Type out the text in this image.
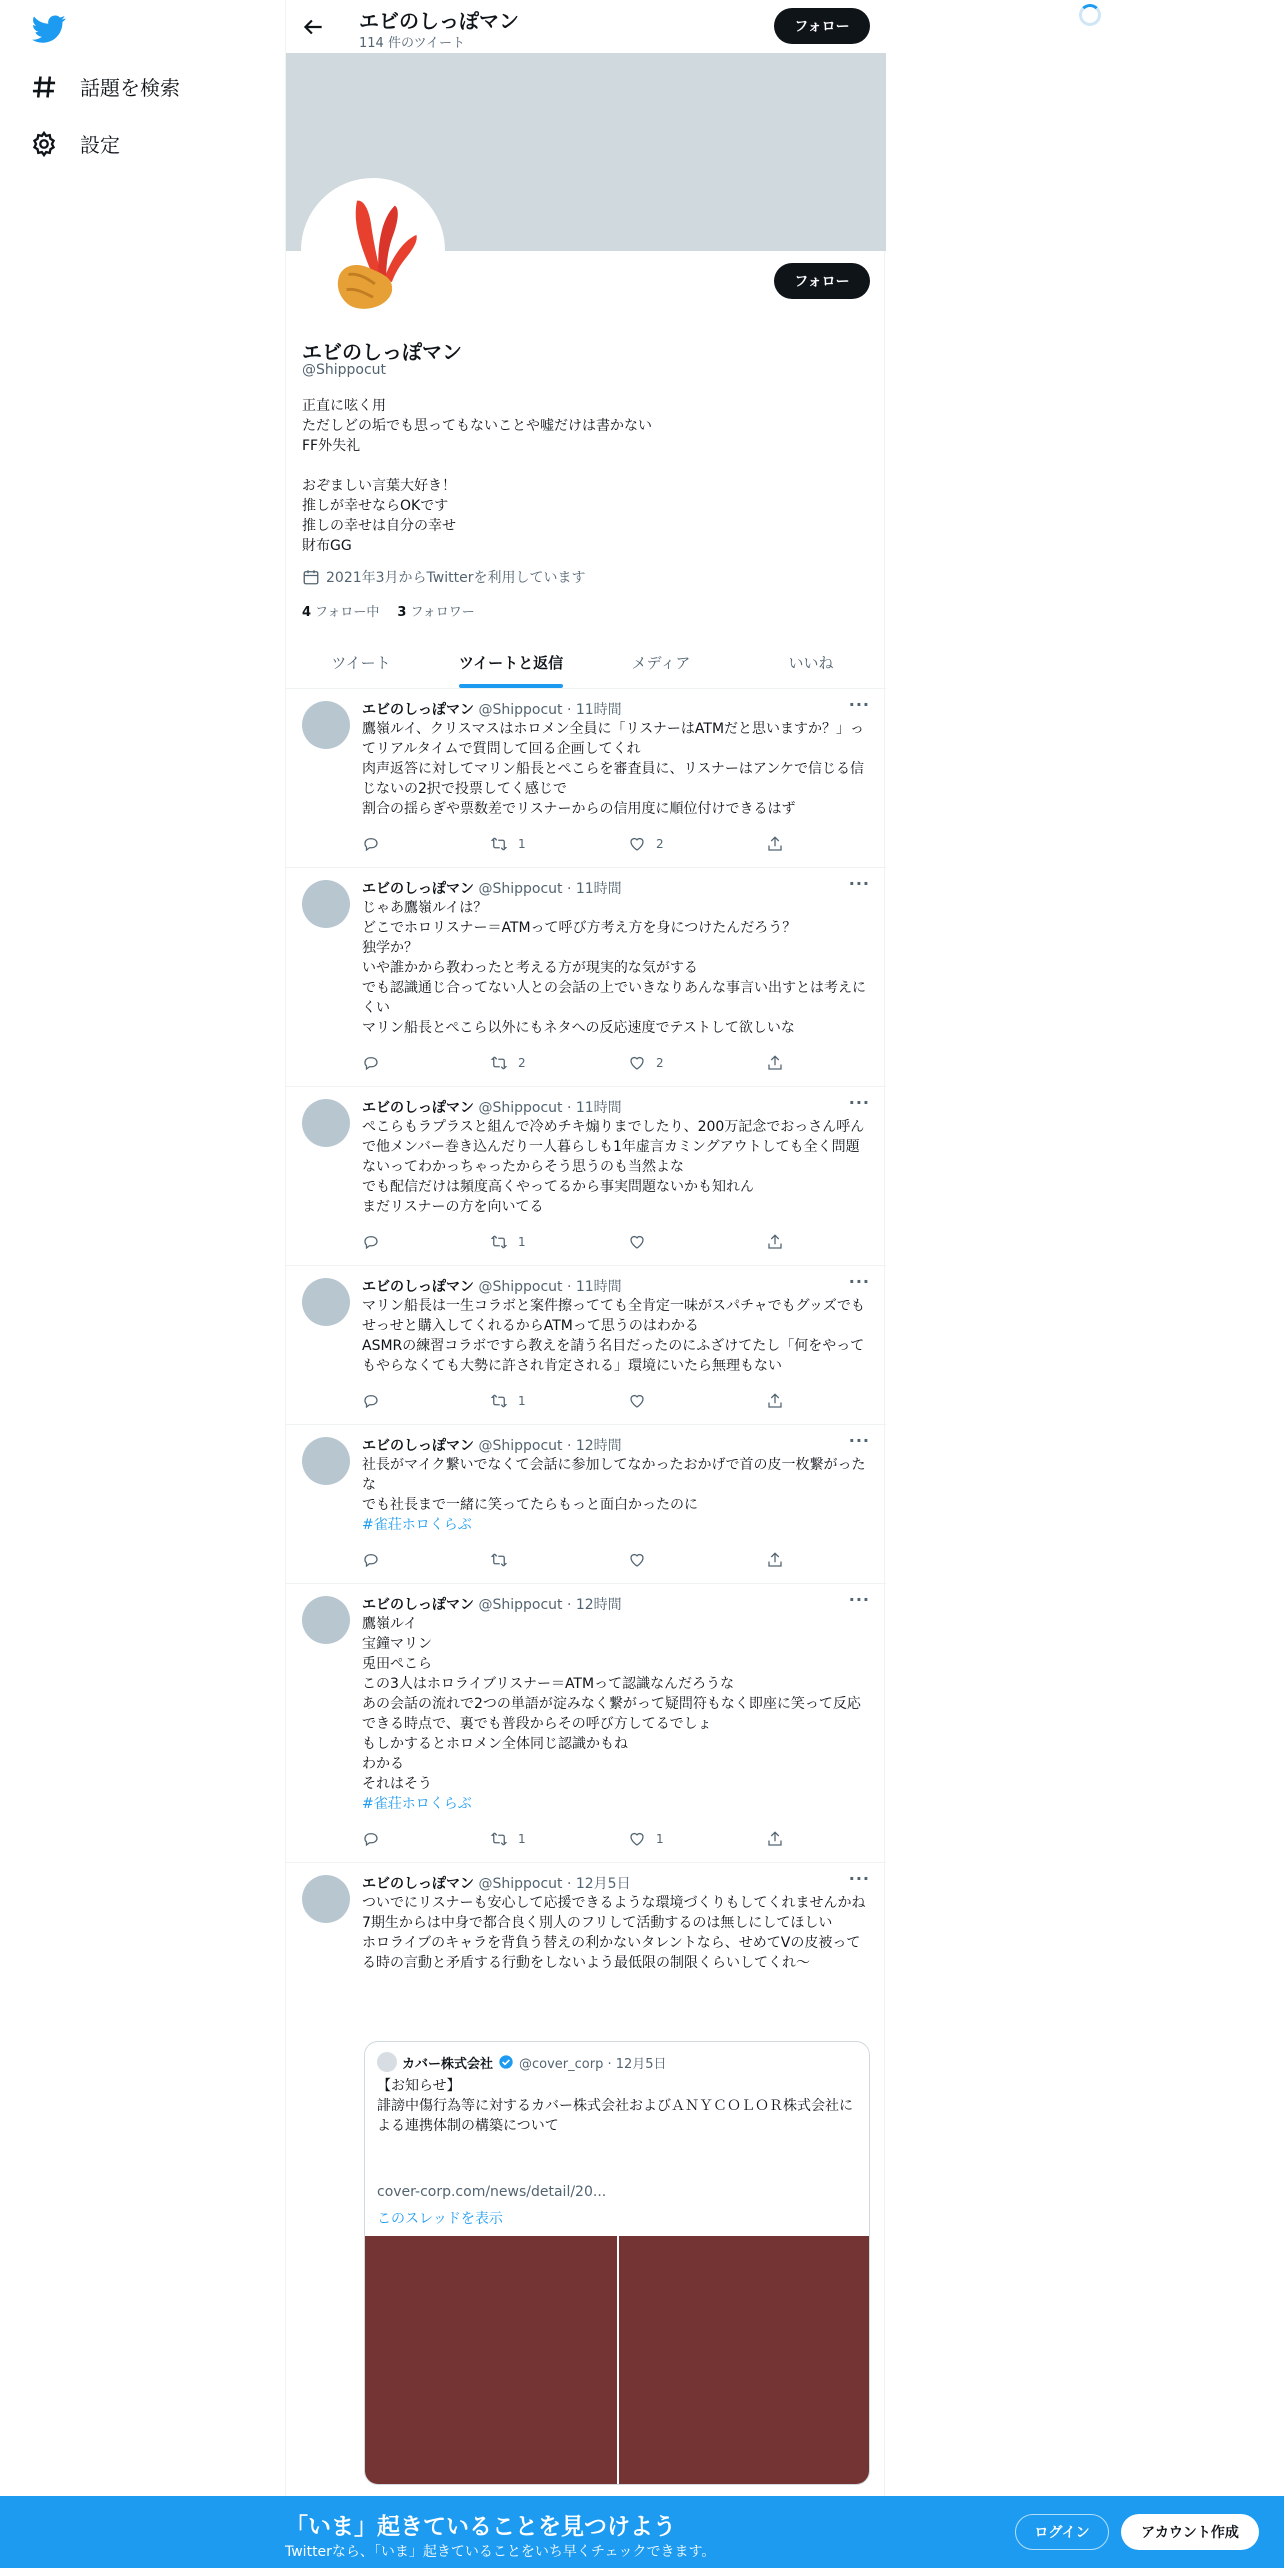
話題を検索
設定
エビのしっぽマン
114 件のツイート
フォロー
フォロー
エビのしっぽマン
@Shippocut
正直に呟く用
ただしどの垢でも思ってもないことや嘘だけは書かない
FF外失礼

おぞましい言葉大好き！
推しが幸せならOKです
推しの幸せは自分の幸せ
財布GG
2021年3月からTwitterを利用しています
4 フォロー中 3 フォロワー
ツイート	ツイートと返信	メディア	いいね
エビのしっぽマン @Shippocut · 11時間	···
鷹嶺ルイ、クリスマスはホロメン全員に「リスナーはATMだと思いますか？」ってリアルタイムで質問して回る企画してくれ
肉声返答に対してマリン船長とぺこらを審査員に、リスナーはアンケで信じる信じないの2択で投票してく感じで
割合の揺らぎや票数差でリスナーからの信用度に順位付けできるはず
1	2
エビのしっぽマン @Shippocut · 11時間	···
じゃあ鷹嶺ルイは？
どこでホロリスナー＝ATMって呼び方考え方を身につけたんだろう？
独学か？
いや誰かから教わったと考える方が現実的な気がする
でも認識通じ合ってない人との会話の上でいきなりあんな事言い出すとは考えにくい
マリン船長とぺこら以外にもネタへの反応速度でテストして欲しいな
2	2
エビのしっぽマン @Shippocut · 11時間	···
ぺこらもラプラスと組んで冷めチキ煽りまでしたり、200万記念でおっさん呼んで他メンバー巻き込んだり一人暮らしも1年虚言カミングアウトしても全く問題ないってわかっちゃったからそう思うのも当然よな
でも配信だけは頻度高くやってるから事実問題ないかも知れん
まだリスナーの方を向いてる
1
エビのしっぽマン @Shippocut · 11時間	···
マリン船長は一生コラボと案件擦ってても全肯定一味がスパチャでもグッズでもせっせと購入してくれるからATMって思うのはわかる
ASMRの練習コラボですら教えを請う名目だったのにふざけてたし「何をやってもやらなくても大勢に許され肯定される」環境にいたら無理もない
1
エビのしっぽマン @Shippocut · 12時間	···
社長がマイク繋いでなくて会話に参加してなかったおかげで首の皮一枚繋がったな
でも社長まで一緒に笑ってたらもっと面白かったのに
#雀荘ホロくらぶ
エビのしっぽマン @Shippocut · 12時間	···
鷹嶺ルイ
宝鐘マリン
兎田ぺこら
この3人はホロライブリスナー＝ATMって認識なんだろうな
あの会話の流れで2つの単語が淀みなく繋がって疑問符もなく即座に笑って反応できる時点で、裏でも普段からその呼び方してるでしょ
もしかするとホロメン全体同じ認識かもね
わかる
それはそう
#雀荘ホロくらぶ
1	1
エビのしっぽマン @Shippocut · 12月5日	···
ついでにリスナーも安心して応援できるような環境づくりもしてくれませんかね
7期生からは中身で都合良く別人のフリして活動するのは無しにしてほしい
ホロライブのキャラを背負う替えの利かないタレントなら、せめてVの皮被ってる時の言動と矛盾する行動をしないよう最低限の制限くらいしてくれ〜
カバー株式会社 @cover_corp · 12月5日
【お知らせ】
誹謗中傷行為等に対するカバー株式会社およびＡＮＹＣＯＬＯＲ株式会社による連携体制の構築について
cover-corp.com/news/detail/20...
このスレッドを表示
「いま」起きていることを見つけよう
Twitterなら、「いま」起きていることをいち早くチェックできます。
ログイン	アカウント作成
